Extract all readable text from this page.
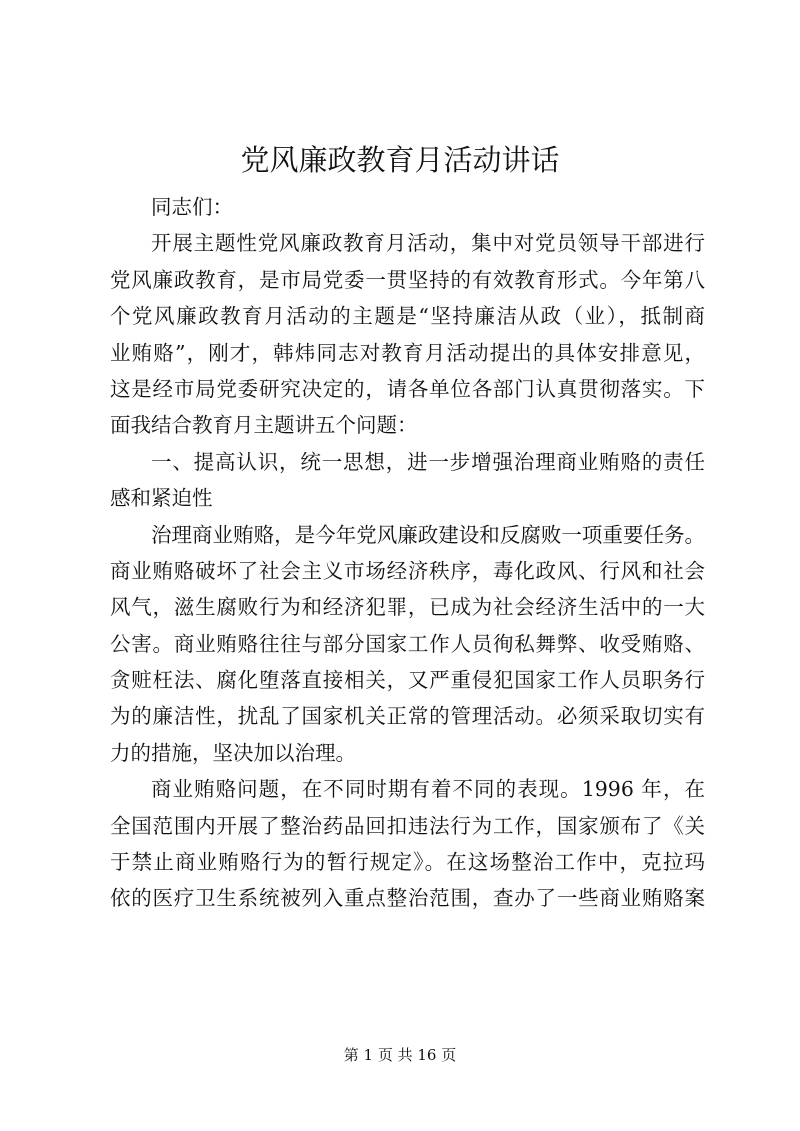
党风廉政教育月活动讲话
同志们：
开展主题性党风廉政教育月活动，集中对党员领导干部进行
党风廉政教育，是市局党委一贯坚持的有效教育形式。今年第八
个党风廉政教育月活动的主题是“坚持廉洁从政（业），抵制商
业贿赂”，刚才，韩炜同志对教育月活动提出的具体安排意见，
这是经市局党委研究决定的，请各单位各部门认真贯彻落实。下
面我结合教育月主题讲五个问题：
一、提高认识，统一思想，进一步增强治理商业贿赂的责任
感和紧迫性
治理商业贿赂，是今年党风廉政建设和反腐败一项重要任务。
商业贿赂破坏了社会主义市场经济秩序，毒化政风、行风和社会
风气，滋生腐败行为和经济犯罪，已成为社会经济生活中的一大
公害。商业贿赂往往与部分国家工作人员徇私舞弊、收受贿赂、
贪赃枉法、腐化堕落直接相关，又严重侵犯国家工作人员职务行
为的廉洁性，扰乱了国家机关正常的管理活动。必须采取切实有
力的措施，坚决加以治理。
商业贿赂问题，在不同时期有着不同的表现。1996 年，在
全国范围内开展了整治药品回扣违法行为工作，国家颁布了《关
于禁止商业贿赂行为的暂行规定》。在这场整治工作中，克拉玛
依的医疗卫生系统被列入重点整治范围，查办了一些商业贿赂案
第 1 页 共 16 页
